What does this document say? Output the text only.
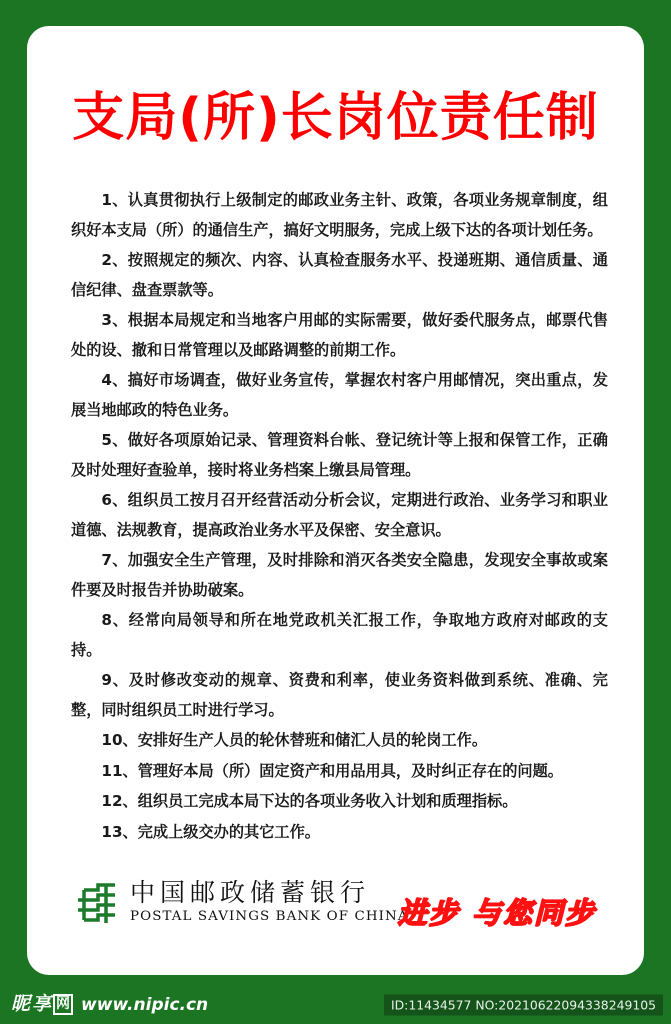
支局(所)长岗位责任制

1、认真贯彻执行上级制定的邮政业务主针、政策，各项业务规章制度，组织好本支局（所）的通信生产，搞好文明服务，完成上级下达的各项计划任务。

2、按照规定的频次、内容、认真检查服务水平、投递班期、通信质量、通信纪律、盘查票款等。

3、根据本局规定和当地客户用邮的实际需要，做好委代服务点，邮票代售处的设、撤和日常管理以及邮路调整的前期工作。

4、搞好市场调查，做好业务宣传，掌握农村客户用邮情况，突出重点，发展当地邮政的特色业务。

5、做好各项原始记录、管理资料台帐、登记统计等上报和保管工作，正确及时处理好查验单，接时将业务档案上缴县局管理。

6、组织员工按月召开经营活动分析会议，定期进行政治、业务学习和职业道德、法规教育，提高政治业务水平及保密、安全意识。

7、加强安全生产管理，及时排除和消灭各类安全隐患，发现安全事故或案件要及时报告并协助破案。

8、经常向局领导和所在地党政机关汇报工作，争取地方政府对邮政的支持。

9、及时修改变动的规章、资费和利率，使业务资料做到系统、准确、完整，同时组织员工时进行学习。

10、安排好生产人员的轮休替班和储汇人员的轮岗工作。

11、管理好本局（所）固定资产和用品用具，及时纠正存在的问题。

12、组织员工完成本局下达的各项业务收入计划和质理指标。

13、完成上级交办的其它工作。

中国邮政储蓄银行
POSTAL SAVINGS BANK OF CHINA
进步 与您同步
昵 享 网 www.nipic.cn	ID:11434577 NO:20210622094338249105
